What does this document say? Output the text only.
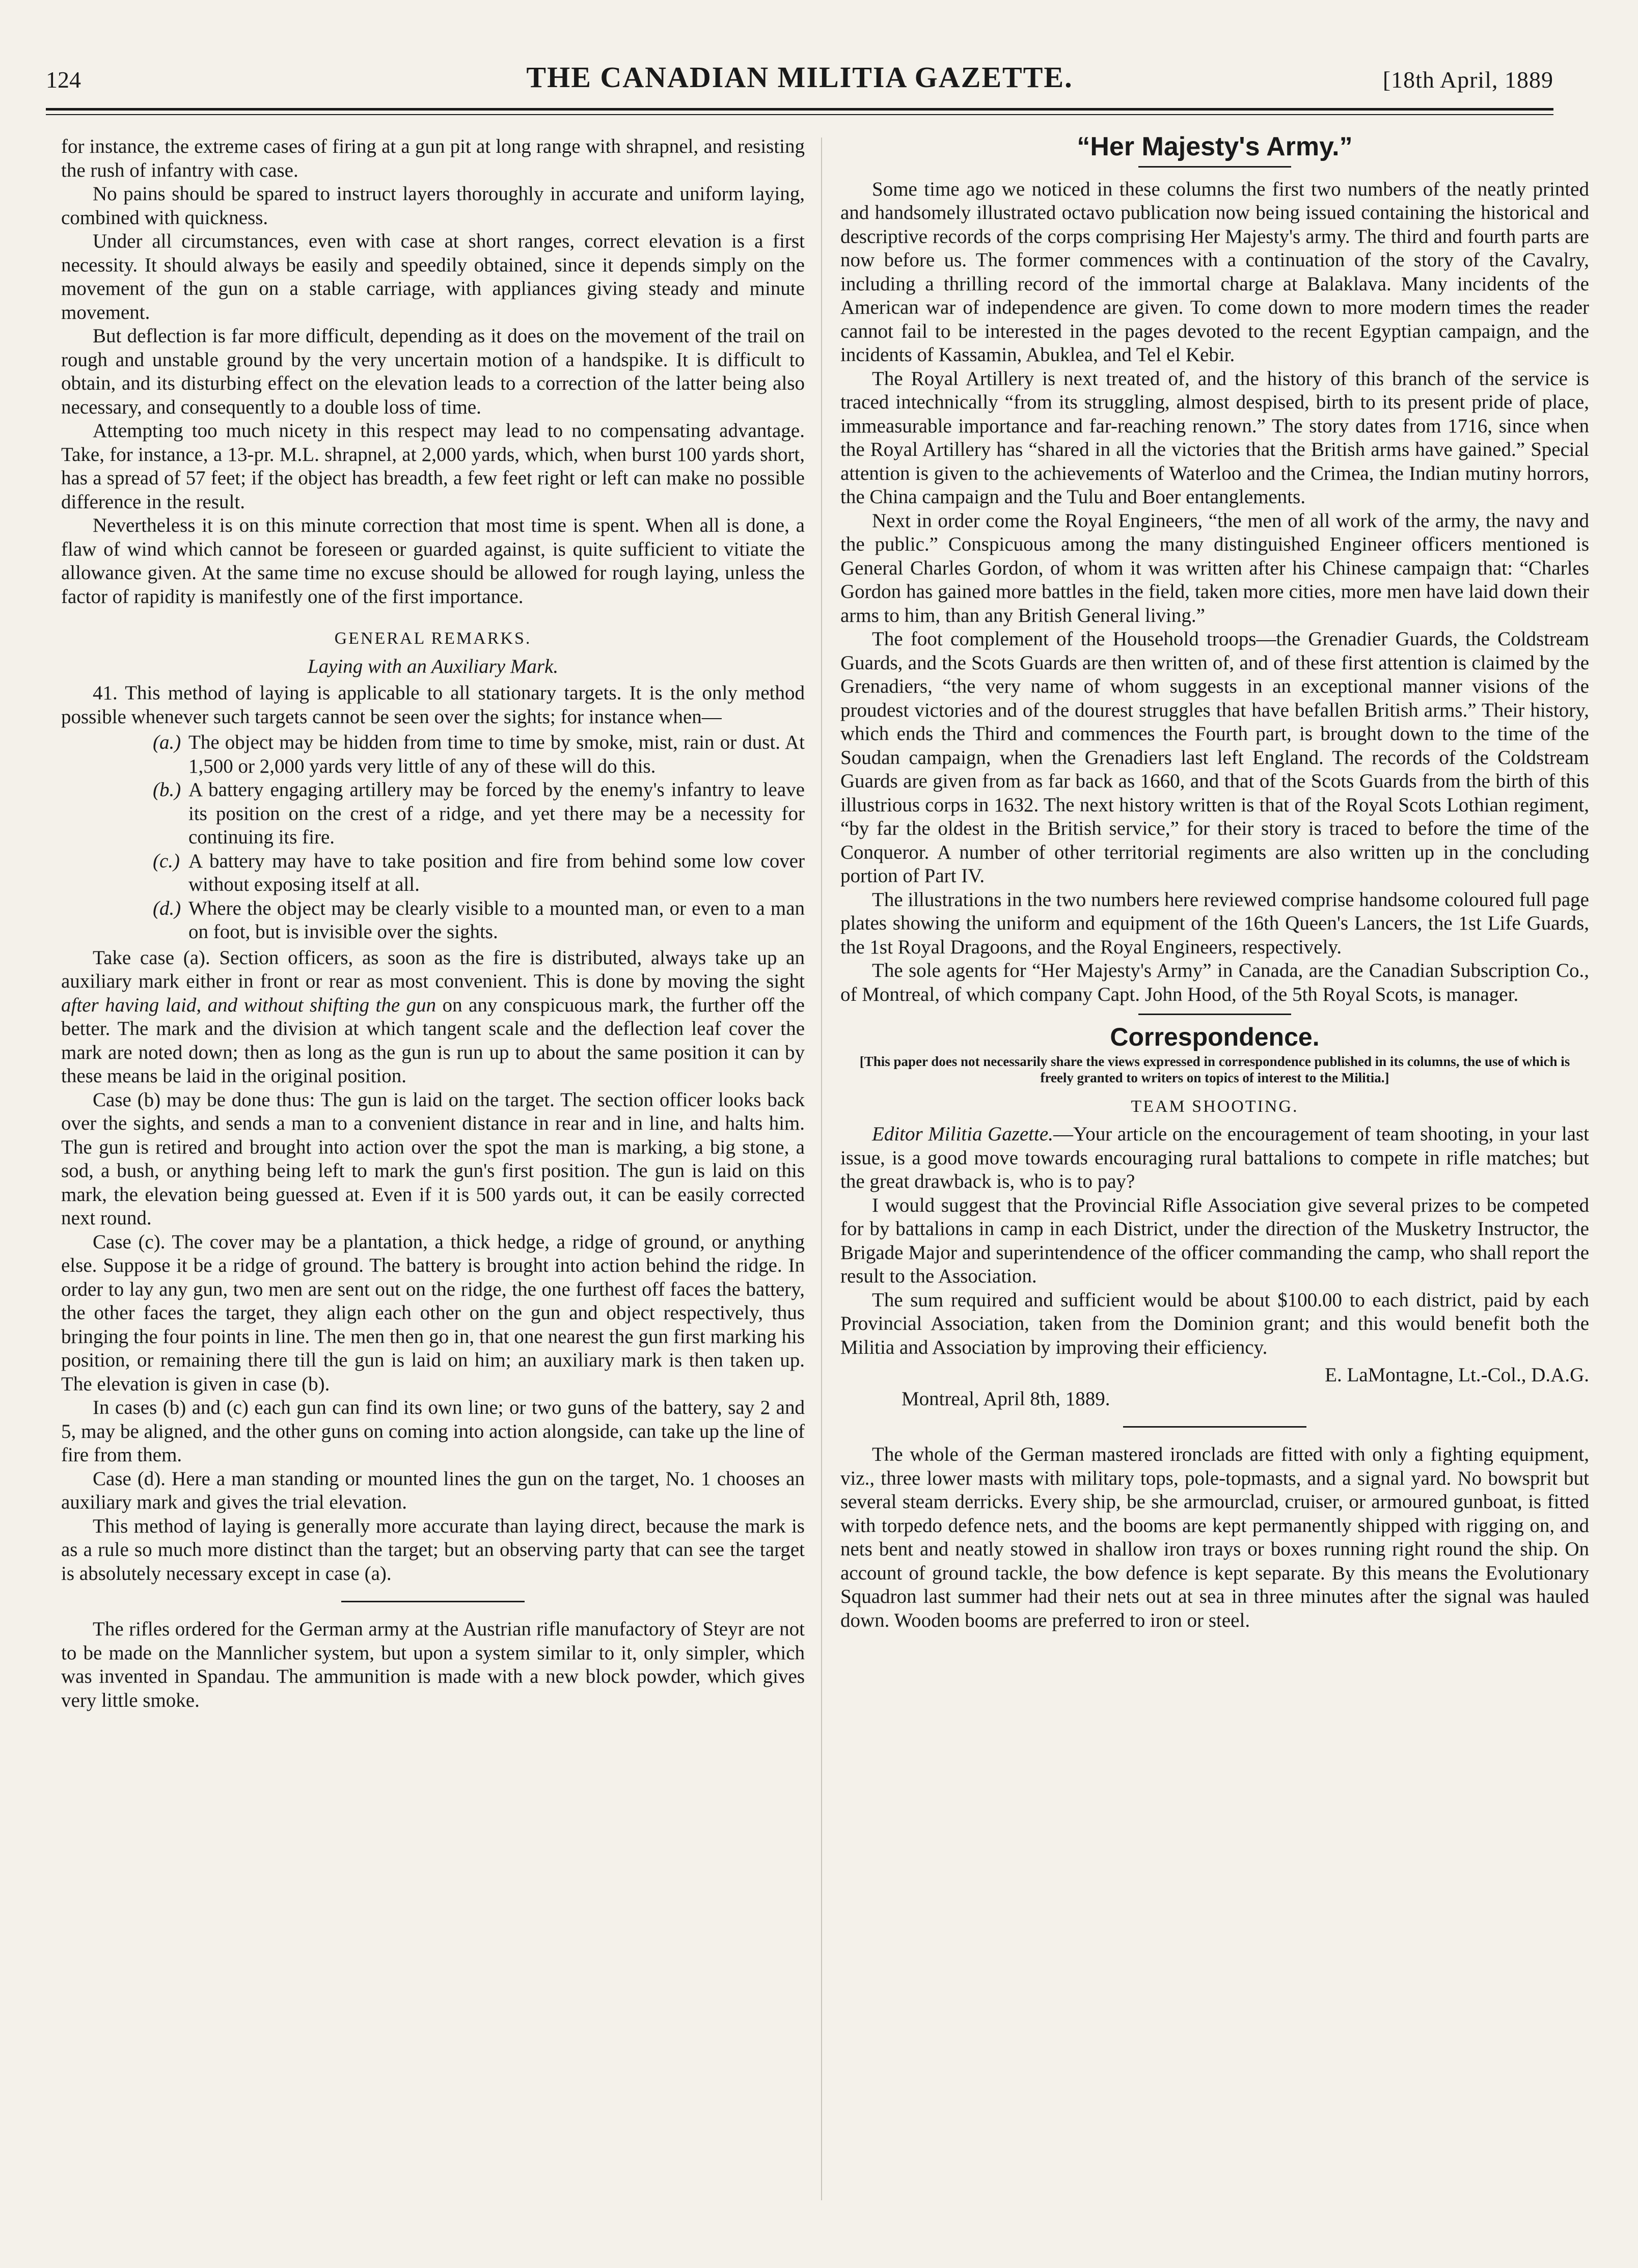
124	THE CANADIAN MILITIA GAZETTE.	[18th April, 1889

for instance, the extreme cases of firing at a gun pit at long range with shrapnel, and resisting the rush of infantry with case.

No pains should be spared to instruct layers thoroughly in accurate and uniform laying, combined with quickness.

Under all circumstances, even with case at short ranges, correct elevation is a first necessity. It should always be easily and speedily obtained, since it depends simply on the movement of the gun on a stable carriage, with appliances giving steady and minute movement.

But deflection is far more difficult, depending as it does on the movement of the trail on rough and unstable ground by the very uncertain motion of a handspike. It is difficult to obtain, and its disturbing effect on the elevation leads to a correction of the latter being also necessary, and consequently to a double loss of time.

Attempting too much nicety in this respect may lead to no compensating advantage. Take, for instance, a 13-pr. M.L. shrapnel, at 2,000 yards, which, when burst 100 yards short, has a spread of 57 feet; if the object has breadth, a few feet right or left can make no possible difference in the result.

Nevertheless it is on this minute correction that most time is spent. When all is done, a flaw of wind which cannot be foreseen or guarded against, is quite sufficient to vitiate the allowance given. At the same time no excuse should be allowed for rough laying, unless the factor of rapidity is manifestly one of the first importance.

GENERAL REMARKS.
Laying with an Auxiliary Mark.

41. This method of laying is applicable to all stationary targets. It is the only method possible whenever such targets cannot be seen over the sights; for instance when—

(a.) The object may be hidden from time to time by smoke, mist, rain or dust. At 1,500 or 2,000 yards very little of any of these will do this.
(b.) A battery engaging artillery may be forced by the enemy's infantry to leave its position on the crest of a ridge, and yet there may be a necessity for continuing its fire.
(c.) A battery may have to take position and fire from behind some low cover without exposing itself at all.
(d.) Where the object may be clearly visible to a mounted man, or even to a man on foot, but is invisible over the sights.

Take case (a). Section officers, as soon as the fire is distributed, always take up an auxiliary mark either in front or rear as most convenient. This is done by moving the sight after having laid, and without shifting the gun on any conspicuous mark, the further off the better. The mark and the division at which tangent scale and the deflection leaf cover the mark are noted down; then as long as the gun is run up to about the same position it can by these means be laid in the original position.

Case (b) may be done thus: The gun is laid on the target. The section officer looks back over the sights, and sends a man to a convenient distance in rear and in line, and halts him. The gun is retired and brought into action over the spot the man is marking, a big stone, a sod, a bush, or anything being left to mark the gun's first position. The gun is laid on this mark, the elevation being guessed at. Even if it is 500 yards out, it can be easily corrected next round.

Case (c). The cover may be a plantation, a thick hedge, a ridge of ground, or anything else. Suppose it be a ridge of ground. The battery is brought into action behind the ridge. In order to lay any gun, two men are sent out on the ridge, the one furthest off faces the battery, the other faces the target, they align each other on the gun and object respectively, thus bringing the four points in line. The men then go in, that one nearest the gun first marking his position, or remaining there till the gun is laid on him; an auxiliary mark is then taken up. The elevation is given in case (b).

In cases (b) and (c) each gun can find its own line; or two guns of the battery, say 2 and 5, may be aligned, and the other guns on coming into action alongside, can take up the line of fire from them.

Case (d). Here a man standing or mounted lines the gun on the target, No. 1 chooses an auxiliary mark and gives the trial elevation.

This method of laying is generally more accurate than laying direct, because the mark is as a rule so much more distinct than the target; but an observing party that can see the target is absolutely necessary except in case (a).

The rifles ordered for the German army at the Austrian rifle manufactory of Steyr are not to be made on the Mannlicher system, but upon a system similar to it, only simpler, which was invented in Spandau. The ammunition is made with a new block powder, which gives very little smoke.

“Her Majesty's Army.”

Some time ago we noticed in these columns the first two numbers of the neatly printed and handsomely illustrated octavo publication now being issued containing the historical and descriptive records of the corps comprising Her Majesty's army. The third and fourth parts are now before us. The former commences with a continuation of the story of the Cavalry, including a thrilling record of the immortal charge at Balaklava. Many incidents of the American war of independence are given. To come down to more modern times the reader cannot fail to be interested in the pages devoted to the recent Egyptian campaign, and the incidents of Kassamin, Abuklea, and Tel el Kebir.

The Royal Artillery is next treated of, and the history of this branch of the service is traced intechnically “from its struggling, almost despised, birth to its present pride of place, immeasurable importance and far-reaching renown.” The story dates from 1716, since when the Royal Artillery has “shared in all the victories that the British arms have gained.” Special attention is given to the achievements of Waterloo and the Crimea, the Indian mutiny horrors, the China campaign and the Tulu and Boer entanglements.

Next in order come the Royal Engineers, “the men of all work of the army, the navy and the public.” Conspicuous among the many distinguished Engineer officers mentioned is General Charles Gordon, of whom it was written after his Chinese campaign that: “Charles Gordon has gained more battles in the field, taken more cities, more men have laid down their arms to him, than any British General living.”

The foot complement of the Household troops—the Grenadier Guards, the Coldstream Guards, and the Scots Guards are then written of, and of these first attention is claimed by the Grenadiers, “the very name of whom suggests in an exceptional manner visions of the proudest victories and of the dourest struggles that have befallen British arms.” Their history, which ends the Third and commences the Fourth part, is brought down to the time of the Soudan campaign, when the Grenadiers last left England. The records of the Coldstream Guards are given from as far back as 1660, and that of the Scots Guards from the birth of this illustrious corps in 1632. The next history written is that of the Royal Scots Lothian regiment, “by far the oldest in the British service,” for their story is traced to before the time of the Conqueror. A number of other territorial regiments are also written up in the concluding portion of Part IV.

The illustrations in the two numbers here reviewed comprise handsome coloured full page plates showing the uniform and equipment of the 16th Queen's Lancers, the 1st Life Guards, the 1st Royal Dragoons, and the Royal Engineers, respectively.

The sole agents for “Her Majesty's Army” in Canada, are the Canadian Subscription Co., of Montreal, of which company Capt. John Hood, of the 5th Royal Scots, is manager.

Correspondence.
[This paper does not necessarily share the views expressed in correspondence published in its columns, the use of which is freely granted to writers on topics of interest to the Militia.]
TEAM SHOOTING.

Editor Militia Gazette.—Your article on the encouragement of team shooting, in your last issue, is a good move towards encouraging rural battalions to compete in rifle matches; but the great drawback is, who is to pay?

I would suggest that the Provincial Rifle Association give several prizes to be competed for by battalions in camp in each District, under the direction of the Musketry Instructor, the Brigade Major and superintendence of the officer commanding the camp, who shall report the result to the Association.

The sum required and sufficient would be about $100.00 to each district, paid by each Provincial Association, taken from the Dominion grant; and this would benefit both the Militia and Association by improving their efficiency.

E. LaMontagne, Lt.-Col., D.A.G.
Montreal, April 8th, 1889.

The whole of the German mastered ironclads are fitted with only a fighting equipment, viz., three lower masts with military tops, pole-topmasts, and a signal yard. No bowsprit but several steam derricks. Every ship, be she armourclad, cruiser, or armoured gunboat, is fitted with torpedo defence nets, and the booms are kept permanently shipped with rigging on, and nets bent and neatly stowed in shallow iron trays or boxes running right round the ship. On account of ground tackle, the bow defence is kept separate. By this means the Evolutionary Squadron last summer had their nets out at sea in three minutes after the signal was hauled down. Wooden booms are preferred to iron or steel.
